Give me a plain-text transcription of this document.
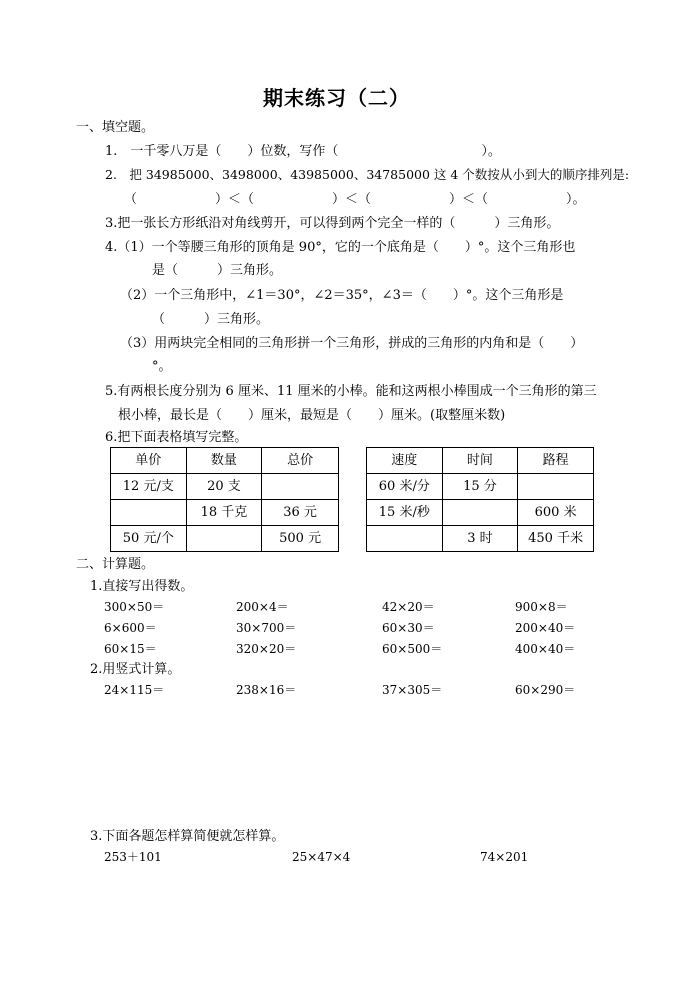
期末练习（二）
一、填空题。
1.　一千零八万是（　　）位数，写作（　　　　　　　　　　　）。
2.　把 34985000、3498000、43985000、34785000 这 4 个数按从小到大的顺序排列是:
（　　　　　　）＜（　　　　　　）＜（　　　　　　）＜（　　　　　　）。
3.把一张长方形纸沿对角线剪开，可以得到两个完全一样的（　　　）三角形。
4.（1）一个等腰三角形的顶角是 90°，它的一个底角是（　　）°。这个三角形也
是（　　　）三角形。
（2）一个三角形中，∠1＝30°，∠2＝35°，∠3＝（　　）°。这个三角形是
（　　　）三角形。
（3）用两块完全相同的三角形拼一个三角形，拼成的三角形的内角和是（　　）
°。
5.有两根长度分别为 6 厘米、11 厘米的小棒。能和这两根小棒围成一个三角形的第三
根小棒，最长是（　　）厘米，最短是（　　）厘米。(取整厘米数)
6.把下面表格填写完整。
单价	数量	总价
12 元/支	20 支	
	18 千克	36 元
50 元/个		500 元
速度	时间	路程
60 米/分	15 分	
15 米/秒		600 米
	3 时	450 千米
二、计算题。
1.直接写出得数。
300×50＝	200×4＝	42×20＝	900×8＝
6×600＝	30×700＝	60×30＝	200×40＝
60×15＝	320×20＝	60×500＝	400×40＝
2.用竖式计算。
24×115＝	238×16＝	37×305＝	60×290＝
3.下面各题怎样算简便就怎样算。
253＋101	25×47×4	74×201
